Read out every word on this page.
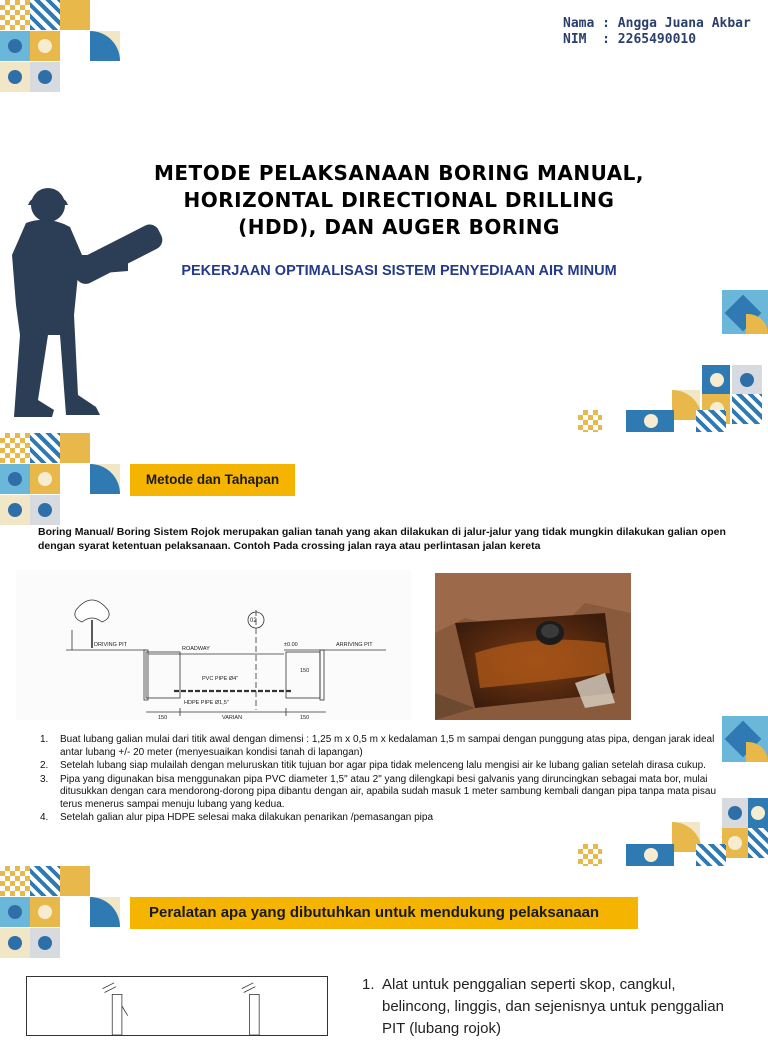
Nama : Angga Juana Akbar
NIM  : 2265490010
METODE PELAKSANAAN BORING MANUAL,
HORIZONTAL DIRECTIONAL DRILLING
(HDD), DAN AUGER BORING
PEKERJAAN OPTIMALISASI SISTEM PENYEDIAAN AIR MINUM
Metode dan Tahapan
Boring Manual/ Boring Sistem Rojok merupakan galian tanah yang akan dilakukan di jalur-jalur yang tidak mungkin dilakukan galian open dengan syarat ketentuan pelaksanaan. Contoh Pada crossing jalan raya atau perlintasan jalan kereta
DRIVING PIT
ROADWAY
ARRIVING PIT
02
±0.00
PVC PIPE Ø4"
HDPE PIPE Ø1,5"
150
150	VARIAN	150
1. Buat lubang galian mulai dari titik awal dengan dimensi : 1,25 m x 0,5 m x kedalaman 1,5 m sampai dengan punggung atas pipa, dengan jarak ideal antar lubang +/- 20 meter (menyesuaikan kondisi tanah di lapangan)
2. Setelah lubang siap mulailah dengan meluruskan titik tujuan bor agar pipa tidak melenceng lalu mengisi air ke lubang galian setelah dirasa cukup.
3. Pipa yang digunakan bisa menggunakan pipa PVC diameter 1,5" atau 2" yang dilengkapi besi galvanis yang diruncingkan sebagai mata bor, mulai ditusukkan dengan cara mendorong-dorong pipa dibantu dengan air, apabila sudah masuk 1 meter sambung kembali dangan pipa tanpa mata pisau terus menerus sampai menuju lubang yang kedua.
4. Setelah galian alur pipa HDPE selesai maka dilakukan penarikan /pemasangan pipa
Peralatan apa yang dibutuhkan untuk mendukung pelaksanaan
1. Alat untuk penggalian seperti skop, cangkul, belincong, linggis, dan sejenisnya untuk penggalian PIT (lubang rojok)
